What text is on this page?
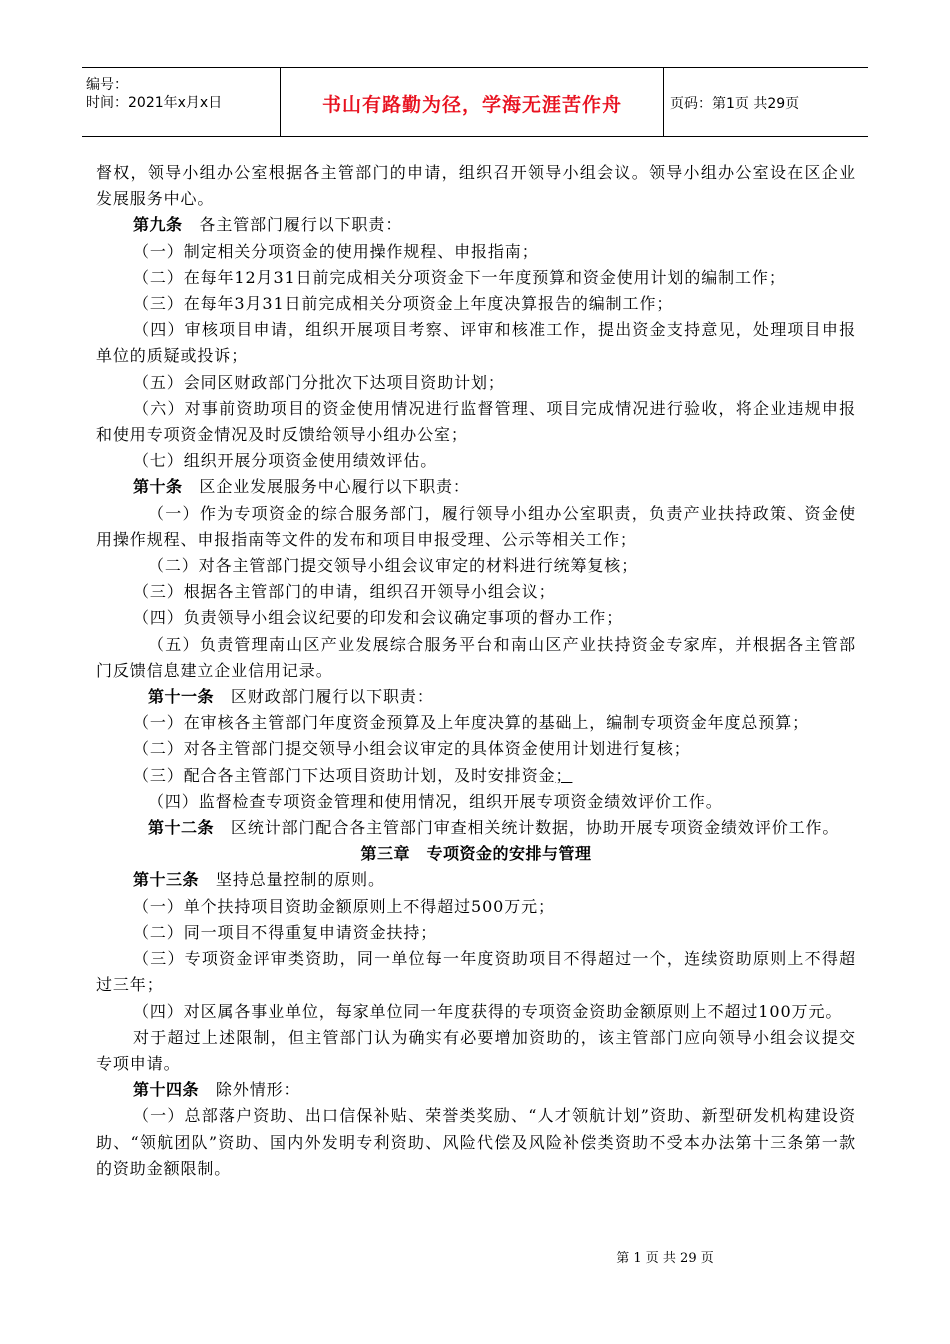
编号：
时间：2021年x月x日	书山有路勤为径，学海无涯苦作舟	页码：第1页 共29页

督权，领导小组办公室根据各主管部门的申请，组织召开领导小组会议。领导小组办公室设在区企业发展服务中心。

第九条　各主管部门履行以下职责：

（一）制定相关分项资金的使用操作规程、申报指南；

（二）在每年12月31日前完成相关分项资金下一年度预算和资金使用计划的编制工作；

（三）在每年3月31日前完成相关分项资金上年度决算报告的编制工作；

（四）审核项目申请，组织开展项目考察、评审和核准工作，提出资金支持意见，处理项目申报单位的质疑或投诉；

（五）会同区财政部门分批次下达项目资助计划；

（六）对事前资助项目的资金使用情况进行监督管理、项目完成情况进行验收，将企业违规申报和使用专项资金情况及时反馈给领导小组办公室；

（七）组织开展分项资金使用绩效评估。

第十条　区企业发展服务中心履行以下职责：

（一）作为专项资金的综合服务部门，履行领导小组办公室职责，负责产业扶持政策、资金使用操作规程、申报指南等文件的发布和项目申报受理、公示等相关工作；

（二）对各主管部门提交领导小组会议审定的材料进行统筹复核；

（三）根据各主管部门的申请，组织召开领导小组会议；

（四）负责领导小组会议纪要的印发和会议确定事项的督办工作；

（五）负责管理南山区产业发展综合服务平台和南山区产业扶持资金专家库，并根据各主管部门反馈信息建立企业信用记录。

第十一条　区财政部门履行以下职责：

（一）在审核各主管部门年度资金预算及上年度决算的基础上，编制专项资金年度总预算；

（二）对各主管部门提交领导小组会议审定的具体资金使用计划进行复核；

（三）配合各主管部门下达项目资助计划，及时安排资金；

（四）监督检查专项资金管理和使用情况，组织开展专项资金绩效评价工作。

第十二条　区统计部门配合各主管部门审查相关统计数据，协助开展专项资金绩效评价工作。

第三章　专项资金的安排与管理

第十三条　坚持总量控制的原则。

（一）单个扶持项目资助金额原则上不得超过500万元；

（二）同一项目不得重复申请资金扶持；

（三）专项资金评审类资助，同一单位每一年度资助项目不得超过一个，连续资助原则上不得超过三年；

（四）对区属各事业单位，每家单位同一年度获得的专项资金资助金额原则上不超过100万元。

对于超过上述限制，但主管部门认为确实有必要增加资助的，该主管部门应向领导小组会议提交专项申请。

第十四条　除外情形：

（一）总部落户资助、出口信保补贴、荣誉类奖励、“人才领航计划”资助、新型研发机构建设资助、“领航团队”资助、国内外发明专利资助、风险代偿及风险补偿类资助不受本办法第十三条第一款的资助金额限制。

第 1 页 共 29 页
